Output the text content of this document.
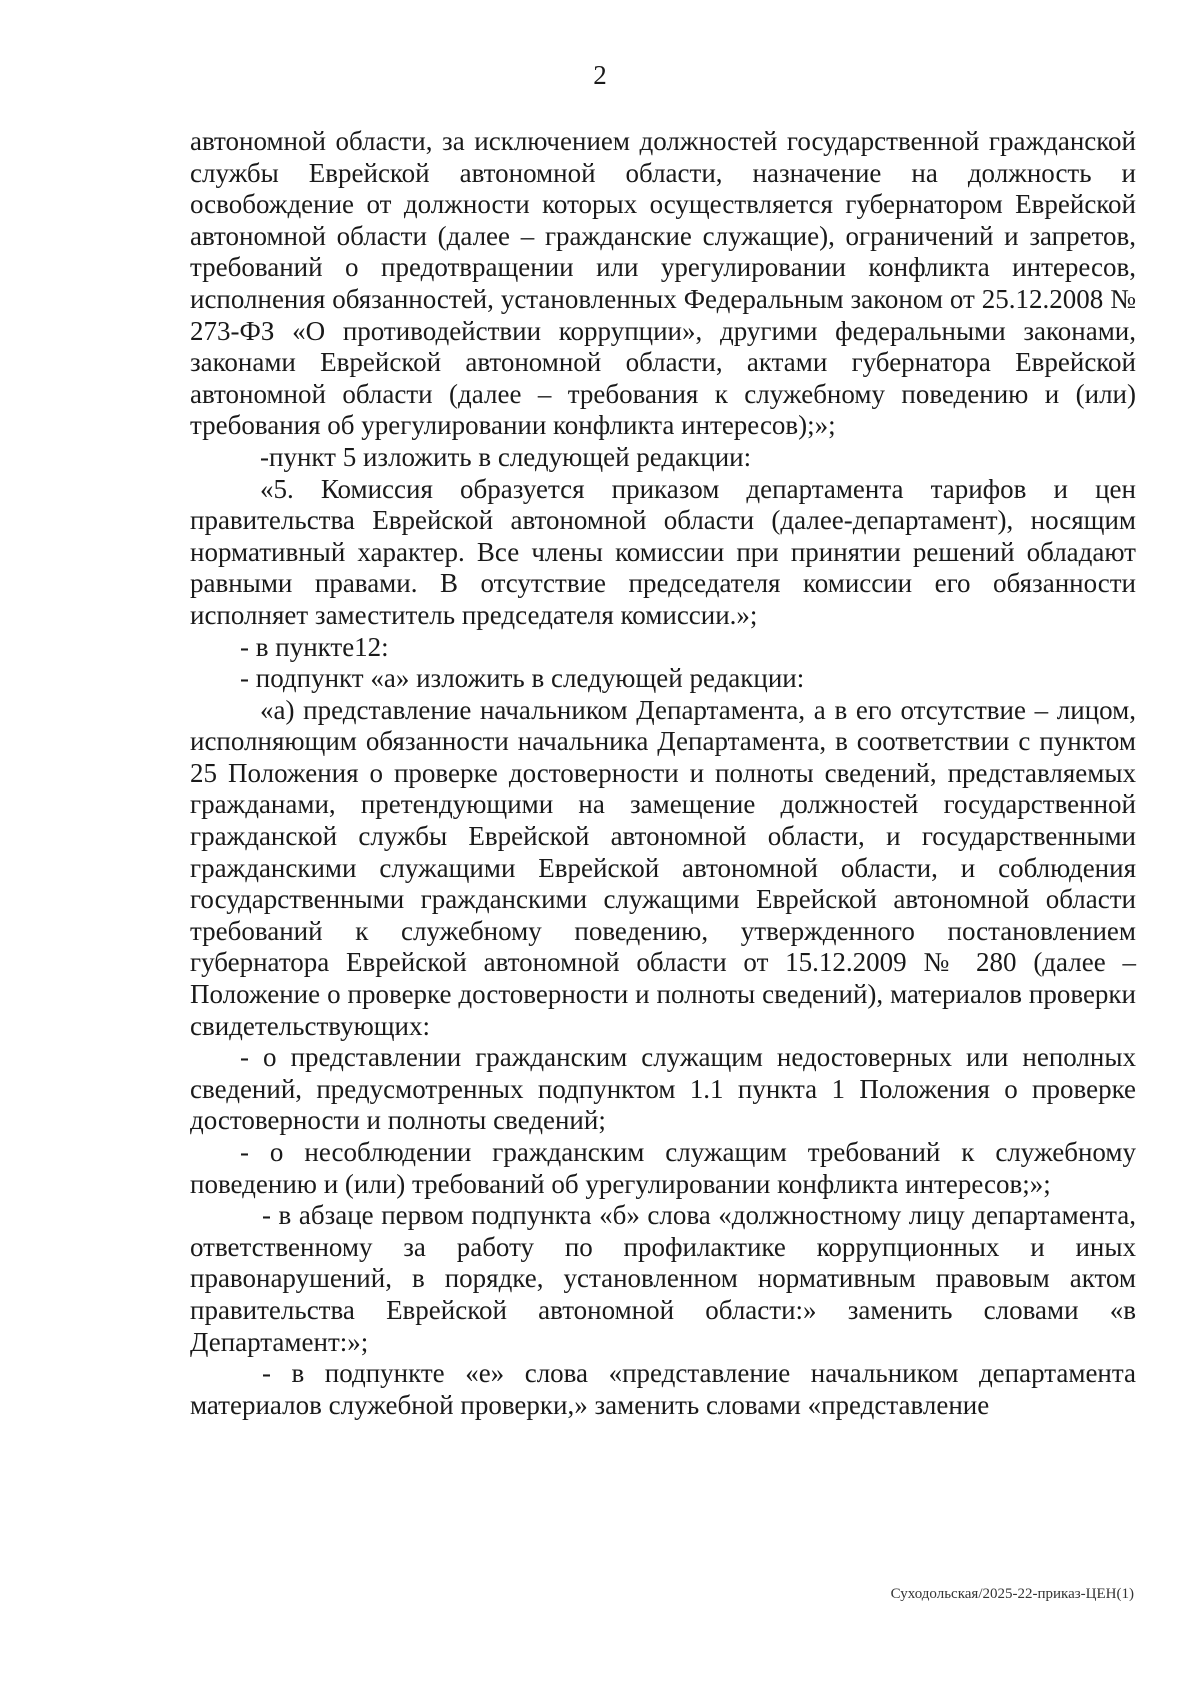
2

автономной области, за исключением должностей государственной гражданской службы Еврейской автономной области, назначение на должность и освобождение от должности которых осуществляется губернатором Еврейской автономной области (далее – гражданские служащие), ограничений и запретов, требований о предотвращении или урегулировании конфликта интересов, исполнения обязанностей, установленных Федеральным законом от 25.12.2008 № 273-ФЗ «О противодействии коррупции», другими федеральными законами, законами Еврейской автономной области, актами губернатора Еврейской автономной области (далее – требования к служебному поведению и (или) требования об урегулировании конфликта интересов);»;

-пункт 5 изложить в следующей редакции:

«5. Комиссия образуется приказом департамента тарифов и цен правительства Еврейской автономной области (далее-департамент), носящим нормативный характер. Все члены комиссии при принятии решений обладают равными правами. В отсутствие председателя комиссии его обязанности исполняет заместитель председателя комиссии.»;

- в пункте12:

- подпункт «а» изложить в следующей редакции:

«а) представление начальником Департамента, а в его отсутствие – лицом, исполняющим обязанности начальника Департамента, в соответствии с пунктом 25 Положения о проверке достоверности и полноты сведений, представляемых гражданами, претендующими на замещение должностей государственной гражданской службы Еврейской автономной области, и государственными гражданскими служащими Еврейской автономной области, и соблюдения государственными гражданскими служащими Еврейской автономной области требований к служебному поведению, утвержденного постановлением губернатора Еврейской автономной области от 15.12.2009 № 280 (далее – Положение о проверке достоверности и полноты сведений), материалов проверки свидетельствующих:

- о представлении гражданским служащим недостоверных или неполных сведений, предусмотренных подпунктом 1.1 пункта 1 Положения о проверке достоверности и полноты сведений;

- о несоблюдении гражданским служащим требований к служебному поведению и (или) требований об урегулировании конфликта интересов;»;

- в абзаце первом подпункта «б» слова «должностному лицу департамента, ответственному за работу по профилактике коррупционных и иных правонарушений, в порядке, установленном нормативным правовым актом правительства Еврейской автономной области:» заменить словами «в Департамент:»;

- в подпункте «е» слова «представление начальником департамента материалов служебной проверки,» заменить словами «представление

Суходольская/2025-22-приказ-ЦЕН(1)
